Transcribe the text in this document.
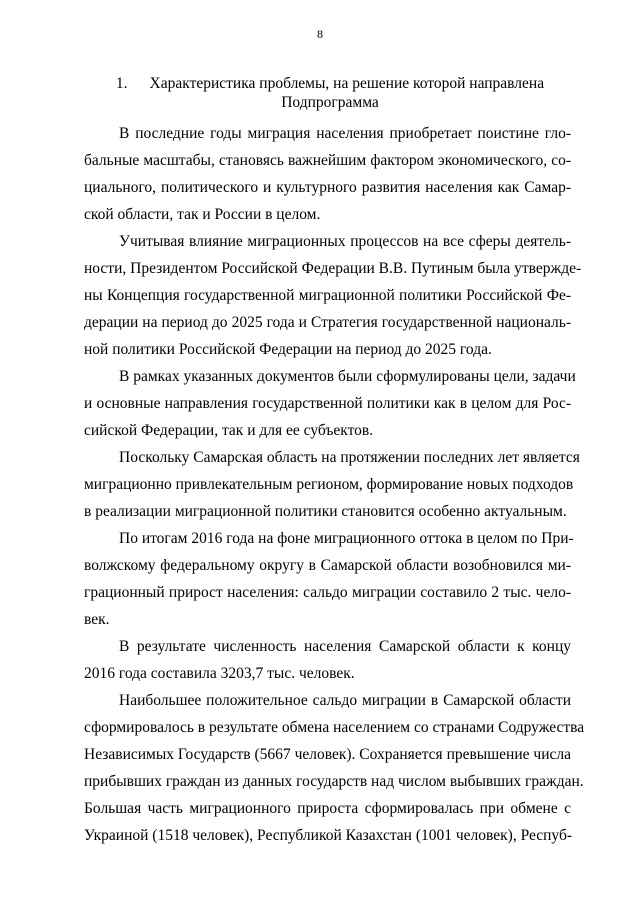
8
1. Характеристика проблемы, на решение которой направлена
Подпрограмма
В последние годы миграция населения приобретает поистине гло-
бальные масштабы, становясь важнейшим фактором экономического, со-
циального, политического и культурного развития населения как Самар-
ской области, так и России в целом.
Учитывая влияние миграционных процессов на все сферы деятель-
ности, Президентом Российской Федерации В.В. Путиным была утвержде-
ны Концепция государственной миграционной политики Российской Фе-
дерации на период до 2025 года и Стратегия государственной националь-
ной политики Российской Федерации на период до 2025 года.
В рамках указанных документов были сформулированы цели, задачи
и основные направления государственной политики как в целом для Рос-
сийской Федерации, так и для ее субъектов.
Поскольку Самарская область на протяжении последних лет является
миграционно привлекательным регионом, формирование новых подходов
в реализации миграционной политики становится особенно актуальным.
По итогам 2016 года на фоне миграционного оттока в целом по При-
волжскому федеральному округу в Самарской области возобновился ми-
грационный прирост населения: сальдо миграции составило 2 тыс. чело-
век.
В результате численность населения Самарской области к концу
2016 года составила 3203,7 тыс. человек.
Наибольшее положительное сальдо миграции в Самарской области
сформировалось в результате обмена населением со странами Содружества
Независимых Государств (5667 человек). Сохраняется превышение числа
прибывших граждан из данных государств над числом выбывших граждан.
Большая часть миграционного прироста сформировалась при обмене с
Украиной (1518 человек), Республикой Казахстан (1001 человек), Респуб-
